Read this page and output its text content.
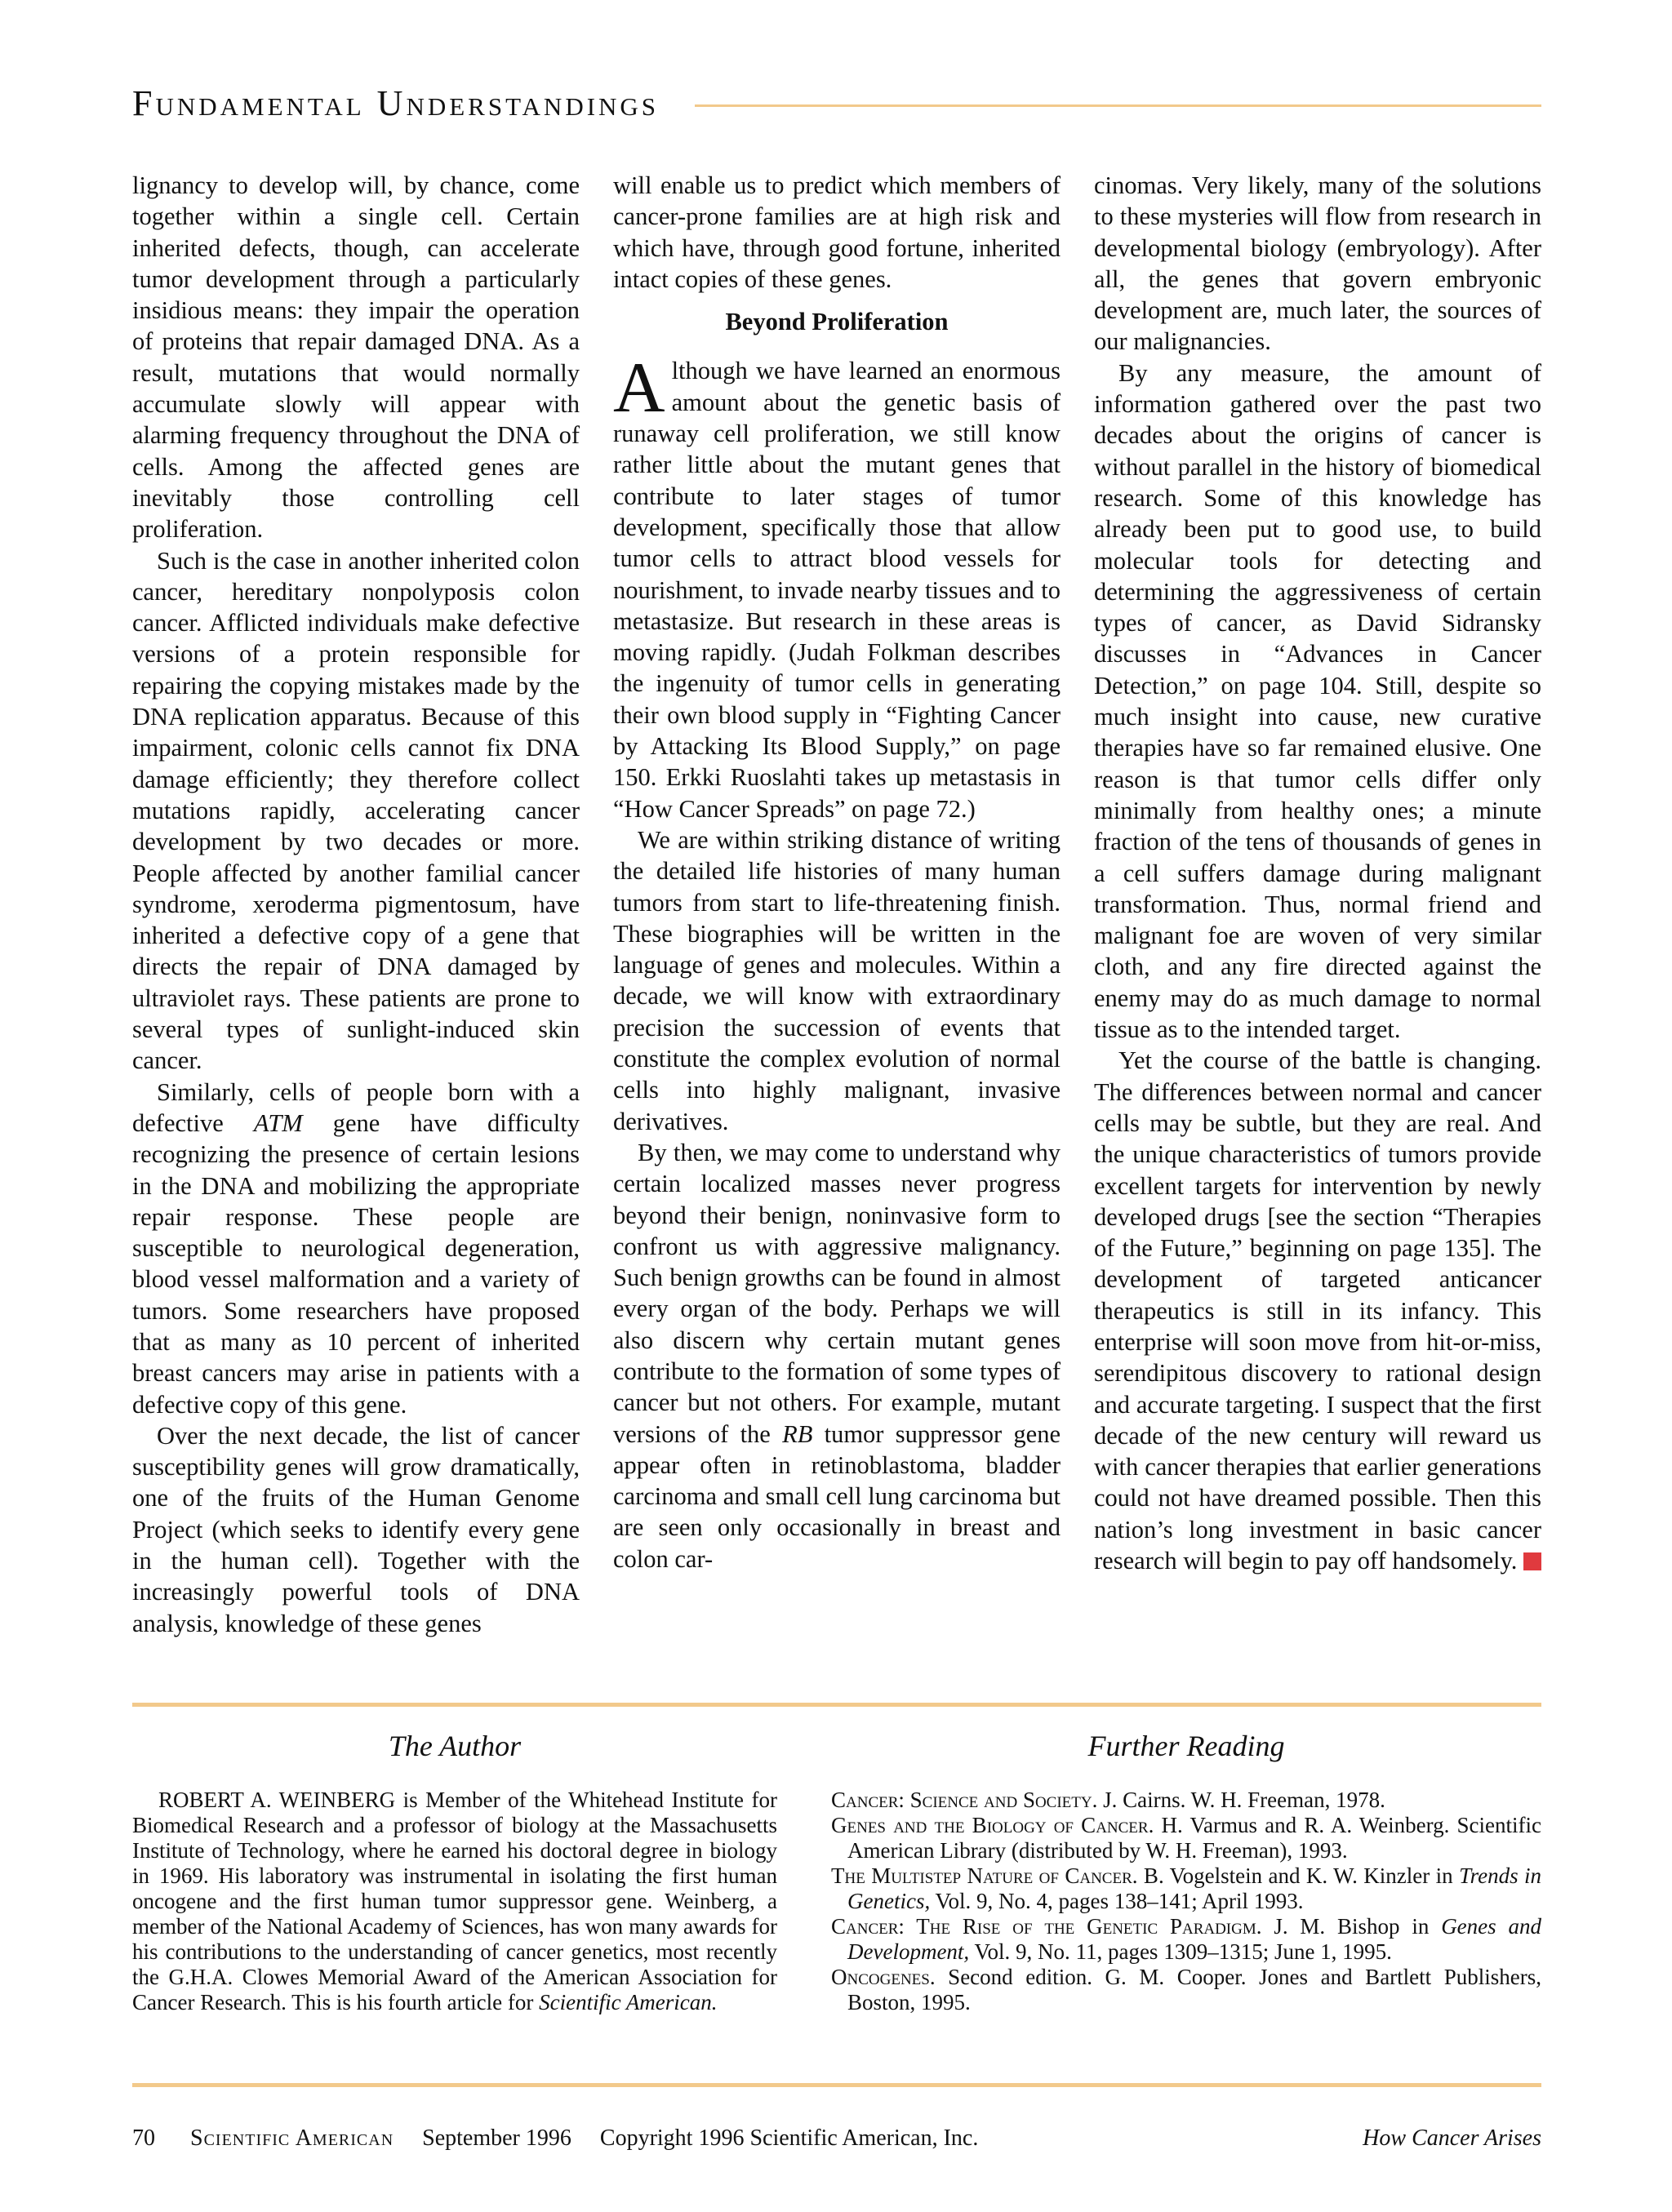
Fundamental Understandings

lignancy to develop will, by chance, come together within a single cell. Certain inherited defects, though, can accelerate tumor development through a particularly insidious means: they impair the operation of proteins that repair damaged DNA. As a result, mutations that would normally accumulate slowly will appear with alarming frequency throughout the DNA of cells. Among the affected genes are inevitably those controlling cell proliferation.

Such is the case in another inherited colon cancer, hereditary nonpolyposis colon cancer. Afflicted individuals make defective versions of a protein responsible for repairing the copying mistakes made by the DNA replication apparatus. Because of this impairment, colonic cells cannot fix DNA damage efficiently; they therefore collect mutations rapidly, accelerating cancer development by two decades or more. People affected by another familial cancer syndrome, xeroderma pigmentosum, have inherited a defective copy of a gene that directs the repair of DNA damaged by ultraviolet rays. These patients are prone to several types of sunlight-induced skin cancer.

Similarly, cells of people born with a defective ATM gene have difficulty recognizing the presence of certain lesions in the DNA and mobilizing the appropriate repair response. These people are susceptible to neurological degeneration, blood vessel malformation and a variety of tumors. Some researchers have proposed that as many as 10 percent of inherited breast cancers may arise in patients with a defective copy of this gene.

Over the next decade, the list of cancer susceptibility genes will grow dramatically, one of the fruits of the Human Genome Project (which seeks to identify every gene in the human cell). Together with the increasingly powerful tools of DNA analysis, knowledge of these genes

will enable us to predict which members of cancer-prone families are at high risk and which have, through good fortune, inherited intact copies of these genes.

Beyond Proliferation

Although we have learned an enormous amount about the genetic basis of runaway cell proliferation, we still know rather little about the mutant genes that contribute to later stages of tumor development, specifically those that allow tumor cells to attract blood vessels for nourishment, to invade nearby tissues and to metastasize. But research in these areas is moving rapidly. (Judah Folkman describes the ingenuity of tumor cells in generating their own blood supply in “Fighting Cancer by Attacking Its Blood Supply,” on page 150. Erkki Ruoslahti takes up metastasis in “How Cancer Spreads” on page 72.)

We are within striking distance of writing the detailed life histories of many human tumors from start to life-threatening finish. These biographies will be written in the language of genes and molecules. Within a decade, we will know with extraordinary precision the succession of events that constitute the complex evolution of normal cells into highly malignant, invasive derivatives.

By then, we may come to understand why certain localized masses never progress beyond their benign, noninvasive form to confront us with aggressive malignancy. Such benign growths can be found in almost every organ of the body. Perhaps we will also discern why certain mutant genes contribute to the formation of some types of cancer but not others. For example, mutant versions of the RB tumor suppressor gene appear often in retinoblastoma, bladder carcinoma and small cell lung carcinoma but are seen only occasionally in breast and colon car-

cinomas. Very likely, many of the solutions to these mysteries will flow from research in developmental biology (embryology). After all, the genes that govern embryonic development are, much later, the sources of our malignancies.

By any measure, the amount of information gathered over the past two decades about the origins of cancer is without parallel in the history of biomedical research. Some of this knowledge has already been put to good use, to build molecular tools for detecting and determining the aggressiveness of certain types of cancer, as David Sidransky discusses in “Advances in Cancer Detection,” on page 104. Still, despite so much insight into cause, new curative therapies have so far remained elusive. One reason is that tumor cells differ only minimally from healthy ones; a minute fraction of the tens of thousands of genes in a cell suffers damage during malignant transformation. Thus, normal friend and malignant foe are woven of very similar cloth, and any fire directed against the enemy may do as much damage to normal tissue as to the intended target.

Yet the course of the battle is changing. The differences between normal and cancer cells may be subtle, but they are real. And the unique characteristics of tumors provide excellent targets for intervention by newly developed drugs [see the section “Therapies of the Future,” beginning on page 135]. The development of targeted anticancer therapeutics is still in its infancy. This enterprise will soon move from hit-or-miss, serendipitous discovery to rational design and accurate targeting. I suspect that the first decade of the new century will reward us with cancer therapies that earlier generations could not have dreamed possible. Then this nation’s long investment in basic cancer research will begin to pay off handsomely.	SA

The Author

ROBERT A. WEINBERG is Member of the Whitehead Institute for Biomedical Research and a professor of biology at the Massachusetts Institute of Technology, where he earned his doctoral degree in biology in 1969. His laboratory was instrumental in isolating the first human oncogene and the first human tumor suppressor gene. Weinberg, a member of the National Academy of Sciences, has won many awards for his contributions to the understanding of cancer genetics, most recently the G.H.A. Clowes Memorial Award of the American Association for Cancer Research. This is his fourth article for Scientific American.

Further Reading

Cancer: Science and Society. J. Cairns. W. H. Freeman, 1978.

Genes and the Biology of Cancer. H. Varmus and R. A. Weinberg. Scientific American Library (distributed by W. H. Freeman), 1993.

The Multistep Nature of Cancer. B. Vogelstein and K. W. Kinzler in Trends in Genetics, Vol. 9, No. 4, pages 138–141; April 1993.

Cancer: The Rise of the Genetic Paradigm. J. M. Bishop in Genes and Development, Vol. 9, No. 11, pages 1309–1315; June 1, 1995.

Oncogenes. Second edition. G. M. Cooper. Jones and Bartlett Publishers, Boston, 1995.

70 Scientific American September 1996 Copyright 1996 Scientific American, Inc.	How Cancer Arises
